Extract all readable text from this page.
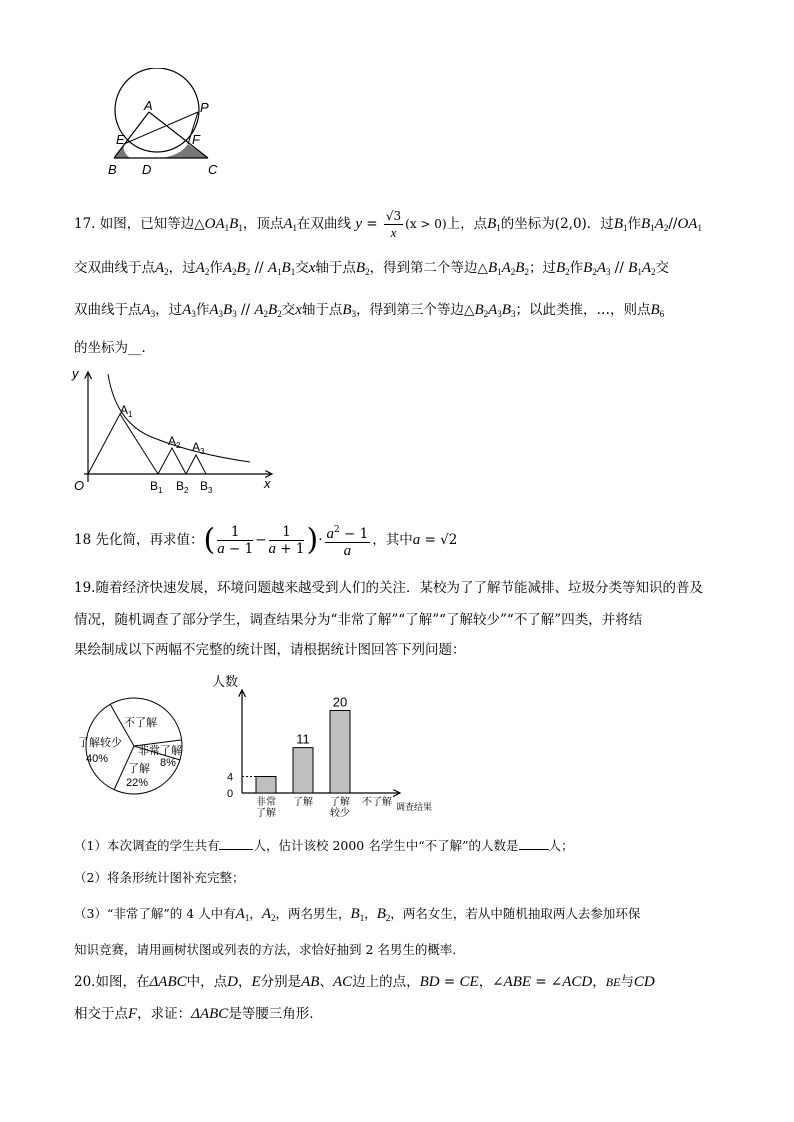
A	P
E	F
B D	C
17. 如图，已知等边$\triangle OA_1B_1$，顶点$A_1$在双曲线 $y = \frac{√3}{x} (x > 0)$上，点$B_1$的坐标为(2,0)．过$B_1$作$B_1A_2//OA_1$
交双曲线于点$A_2$，过$A_2$作$A_2B_2 // A_1B_1$交x轴于点$B_2$，得到第二个等边$\triangle B_1A_2B_2$；过$B_2$作$B_2A_3 // B_1A_2$交
双曲线于点$A_3$，过$A_3$作$A_3B_3 // A_2B_2$交x轴于点$B_3$，得到第三个等边$\triangle B_2A_3B_3$；以此类推，…，则点$B_6$
的坐标为__．
y
x
O
$A_1$
$A_2$ $A_3$
$B_1$ $B_2$ $B_3$
18 先化简，再求值：( $\frac{1}{a - 1} - \frac{1}{a + 1}$ )· $\frac{a^2 - 1}{a}$ ，其中a = √2
19.随着经济快速发展，环境问题越来越受到人们的关注．某校为了了解节能减排、垃圾分类等知识的普及
情况，随机调查了部分学生，调查结果分为“非常了解”“了解”“了解较少”“不了解”四类，并将结
果绘制成以下两幅不完整的统计图，请根据统计图回答下列问题：
不了解
了解较少
40%
非常了解
8%
了解
22%
人数
调查结果
非常
了解
11
了解
20
了解
较少
不了解
0
4
（1）本次调查的学生共有	人，估计该校 2000 名学生中“不了解”的人数是 人；
（2）将条形统计图补充完整；
（3）“非常了解”的 4 人中有$A_1$，$A_2$，两名男生，$B_1$，$B_2$，两名女生，若从中随机抽取两人去参加环保
知识竞赛，请用画树状图或列表的方法，求恰好抽到 2 名男生的概率．
20.如图，在ΔABC中，点D，E分别是AB、AC边上的点，BD = CE，∠ABE = ∠ACD，BE与CD
相交于点F，求证：ΔABC是等腰三角形．
